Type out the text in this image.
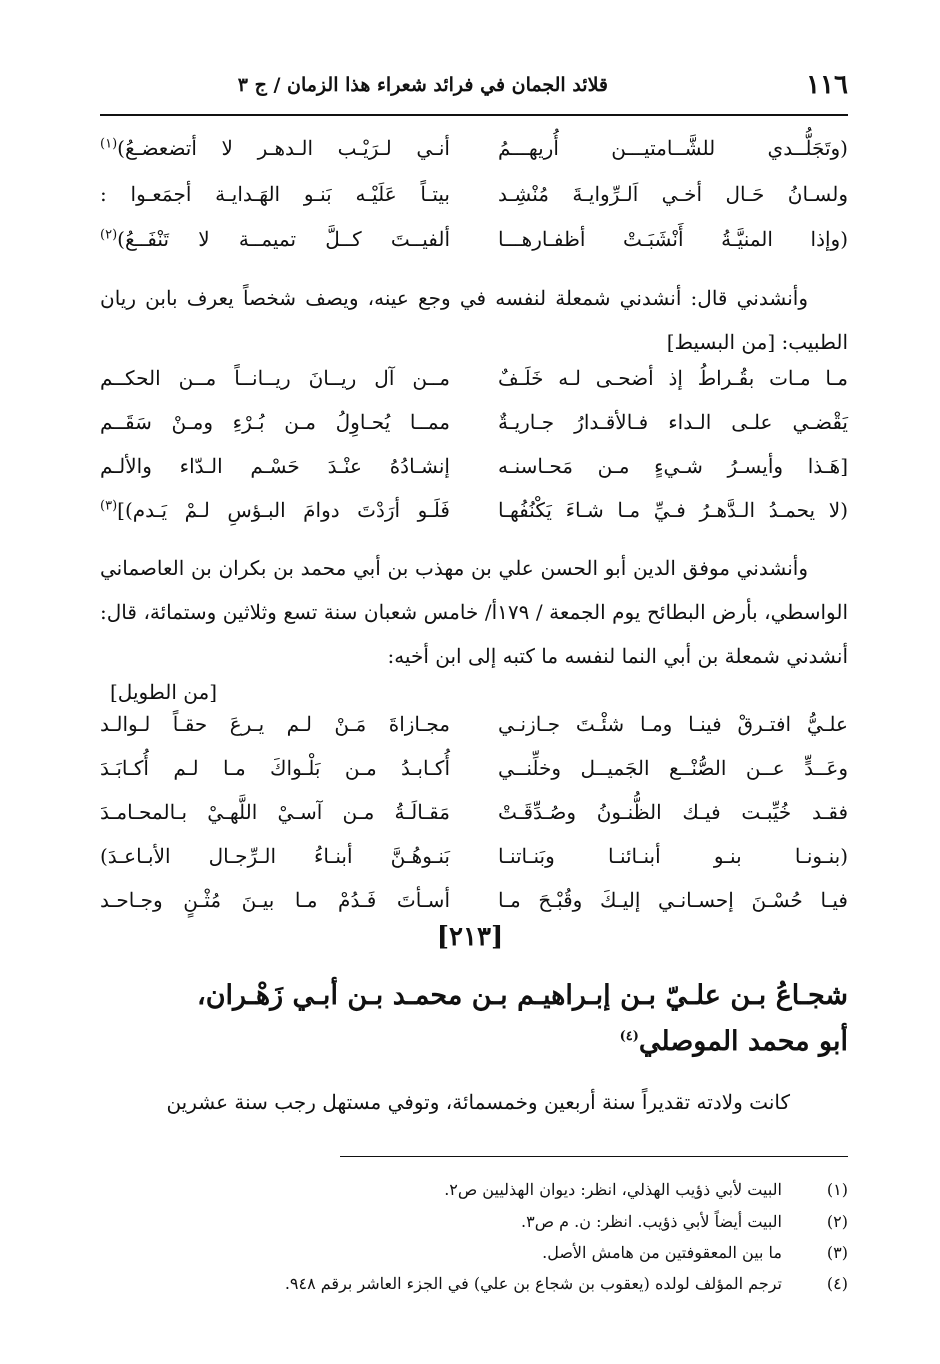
١١٦
قلائد الجمان في فرائد شعراء هذا الزمان / ج ٣
(وتَجَلُّــدي للشَّــامتيـــن أُريهـــمُ
أنـي لـرَيْـب الـدهـر لا أتضعضـعُ)$^{(١)}$
ولسـانُ حَـال أخـي اَلـرِّوايـةَ مُنْشِـد
بيتـاً عَلَيْـه بَنـو الهَـدايـة أجمَعـوا :
(وإذا المنيَّـةُ أَنْشَبَـتْ أظفـارهـــا
ألفيــتَ كــلَّ تميمــة لا تَنْفَــعُ)$^{(٢)}$
وأنشدني قال: أنشدني شمعلة لنفسه في وجع عينه، ويصف شخصاً يعرف بابن ريان الطبيب: [من البسيط]
مـا مـات بقُـراطُ إذ أضحـى لـه خَلَـفٌ
مــن آل ريــانَ ريــانــاً مــن الحكــم
يَقْضـي علـى الـداء فـالأقـدارُ جـاريـةٌ
ممــا يُحـاوِلُ مـن بُـرْءِ ومـنْ سَقَــم
[هَـذا وأيسـرُ شـيءٍ مـن مَحـاسنـه
إنشـادُهُ عنْـدَ حَسْـم الـدّاء والألـم
(لا يحمـدُ الـدَّهـرُ فـيِّ مـا شـاءَ يَكْنُفُهـا
فَلَـو أرَدْتَ دوامَ البـؤسِ لـمْ يَـدم)]$^{(٣)}$
وأنشدني موفق الدين أبو الحسن علي بن مهذب بن أبي محمد بن بكران بن العاصماني الواسطي، بأرض البطائح يوم الجمعة / ١٧٩أ/ خامس شعبان سنة تسع وثلاثين وستمائة، قال: أنشدني شمعلة بن أبي النما لنفسه ما كتبه إلى ابن أخيه:
[من الطويل]
علـيُّ افتـرقْ فينـا ومـا شئْـتَ جـازنـي
مجـازاةَ مَـنْ لـم يـرعَ حقـاً لـوالـد
وعَــدٍّ عــن الصُّنْــع الجَميــل وخلِّنــي
أُكـابـدُ مـن بَلْـواكَ مـا لـم أُكـابَـدَ
فقـد خُيِّبـت فيـك الظُّنـونُ وصُـدِّقَـتْ
مَقـالَـةُ مـن آسـيْ اللَّهـيْ بـالمحـامـدَ
(بنـونـا بنـو أبنـائنـا وبَنـاتنـا
بَنـوهُـنَّ أبنـاءُ الـرِّجـال الأبـاعـدَ)
فيـا حُسْـنَ إحسـانـي إليـكَ وقُبْـحَ مـا
أسـأتَ فَـدُمْ مـا بيـنَ مُثْـنٍ وجـاحـد
[٢١٣]
شجـاعُ بـن علـيّ بـن إبـراهيـم بـن محمـد بـن أبـي زَهْـران،
أبو محمد الموصلي$^{(٤)}$
كانت ولادته تقديراً سنة أربعين وخمسمائة، وتوفي مستهل رجب سنة عشرين
(١)
البيت لأبي ذؤيب الهذلي، انظر: ديوان الهذليين ص٢.
(٢)
البيت أيضاً لأبي ذؤيب. انظر: ن. م ص٣.
(٣)
ما بين المعقوفتين من هامش الأصل.
(٤)
ترجم المؤلف لولده (يعقوب بن شجاع بن علي) في الجزء العاشر برقم ٩٤٨.
